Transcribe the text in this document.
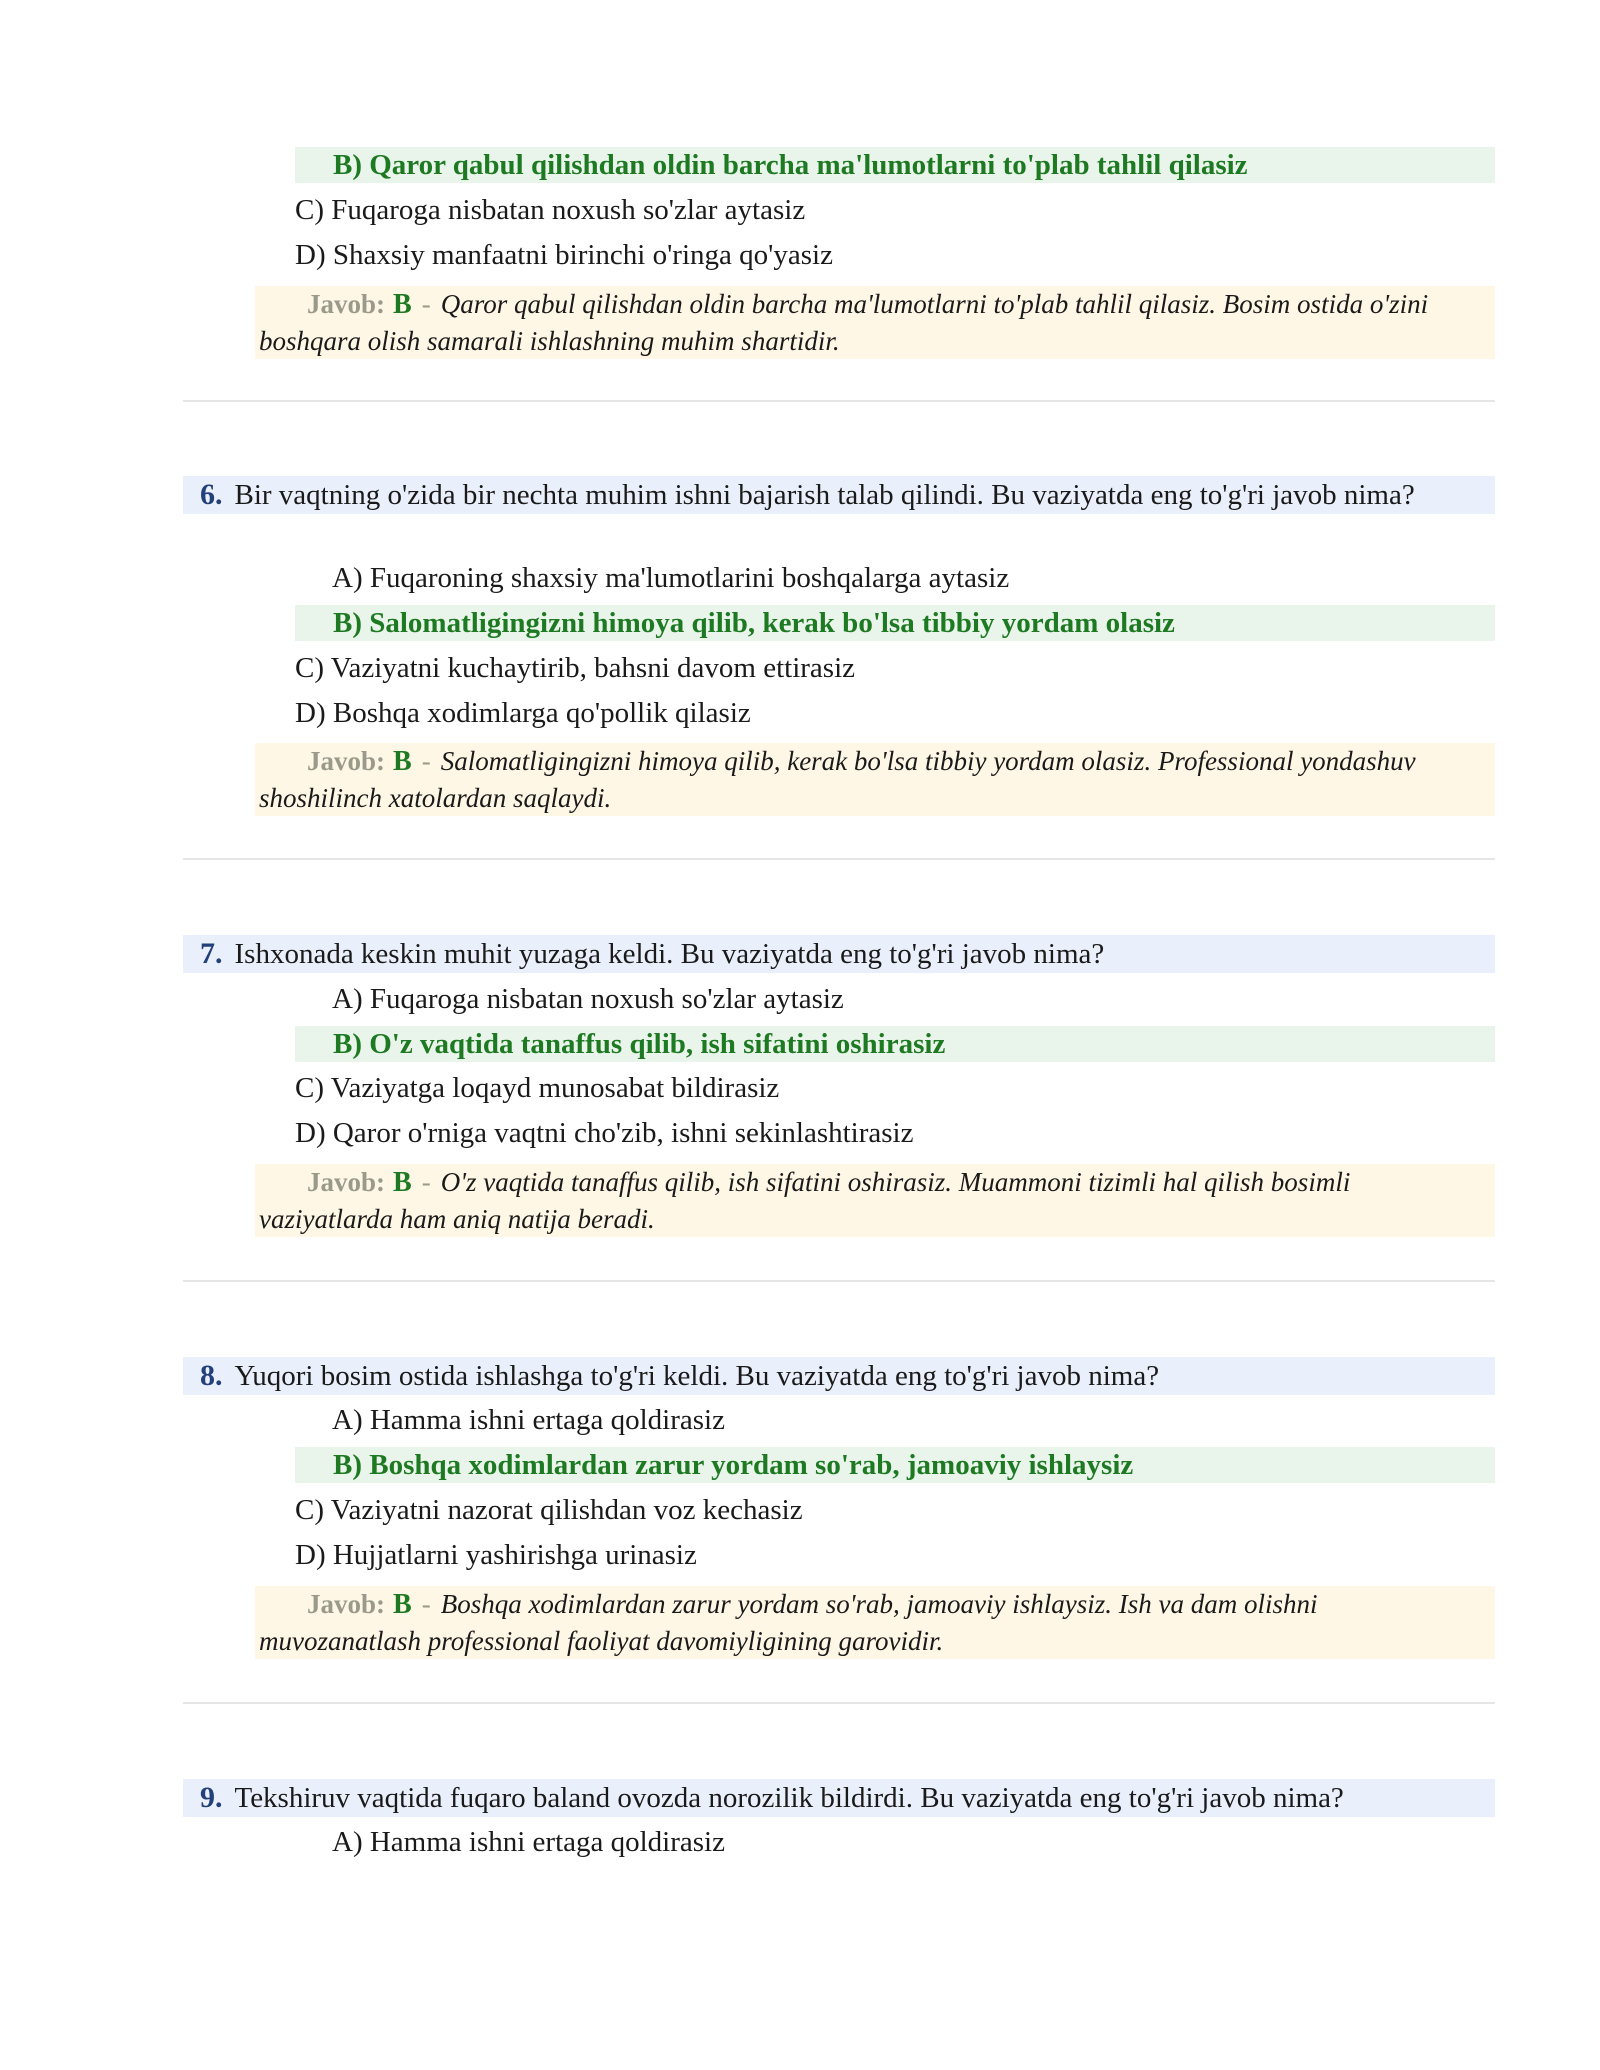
B) Qaror qabul qilishdan oldin barcha ma'lumotlarni to'plab tahlil qilasiz
C) Fuqaroga nisbatan noxush so'zlar aytasiz
D) Shaxsiy manfaatni birinchi o'ringa qo'yasiz
Javob: B - Qaror qabul qilishdan oldin barcha ma'lumotlarni to'plab tahlil qilasiz. Bosim ostida o'zini boshqara olish samarali ishlashning muhim shartidir.
6. Bir vaqtning o'zida bir nechta muhim ishni bajarish talab qilindi. Bu vaziyatda eng to'g'ri javob nima?
A) Fuqaroning shaxsiy ma'lumotlarini boshqalarga aytasiz
B) Salomatligingizni himoya qilib, kerak bo'lsa tibbiy yordam olasiz
C) Vaziyatni kuchaytirib, bahsni davom ettirasiz
D) Boshqa xodimlarga qo'pollik qilasiz
Javob: B - Salomatligingizni himoya qilib, kerak bo'lsa tibbiy yordam olasiz. Professional yondashuv shoshilinch xatolardan saqlaydi.
7. Ishxonada keskin muhit yuzaga keldi. Bu vaziyatda eng to'g'ri javob nima?
A) Fuqaroga nisbatan noxush so'zlar aytasiz
B) O'z vaqtida tanaffus qilib, ish sifatini oshirasiz
C) Vaziyatga loqayd munosabat bildirasiz
D) Qaror o'rniga vaqtni cho'zib, ishni sekinlashtirasiz
Javob: B - O'z vaqtida tanaffus qilib, ish sifatini oshirasiz. Muammoni tizimli hal qilish bosimli vaziyatlarda ham aniq natija beradi.
8. Yuqori bosim ostida ishlashga to'g'ri keldi. Bu vaziyatda eng to'g'ri javob nima?
A) Hamma ishni ertaga qoldirasiz
B) Boshqa xodimlardan zarur yordam so'rab, jamoaviy ishlaysiz
C) Vaziyatni nazorat qilishdan voz kechasiz
D) Hujjatlarni yashirishga urinasiz
Javob: B - Boshqa xodimlardan zarur yordam so'rab, jamoaviy ishlaysiz. Ish va dam olishni muvozanatlash professional faoliyat davomiyligining garovidir.
9. Tekshiruv vaqtida fuqaro baland ovozda norozilik bildirdi. Bu vaziyatda eng to'g'ri javob nima?
A) Hamma ishni ertaga qoldirasiz
